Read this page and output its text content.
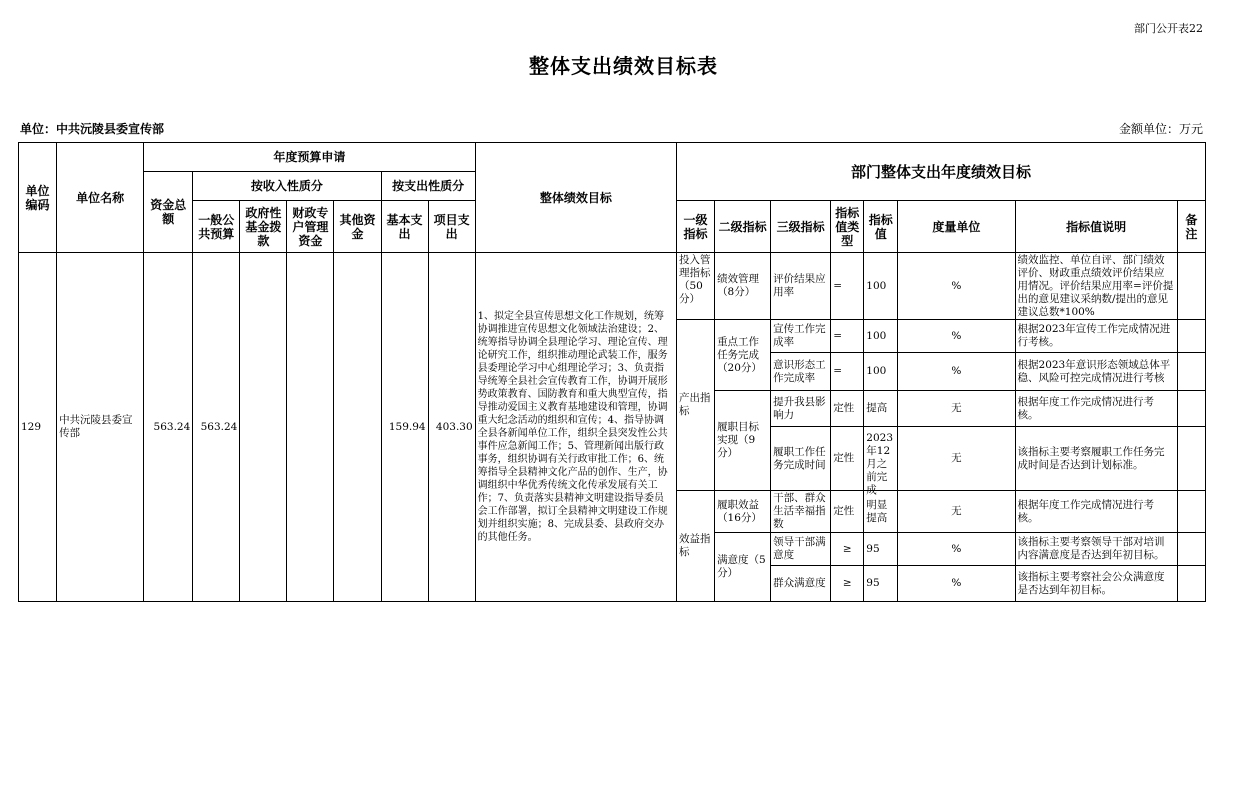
部门公开表22
整体支出绩效目标表
单位：中共沅陵县委宣传部	金额单位：万元
单位编码	单位名称	年度预算申请							整体绩效目标	部门整体支出年度绩效目标							
		资金总额	按收入性质分				按支出性质分										
			一般公共预算	政府性基金拨款	财政专户管理资金	其他资金	基本支出	项目支出		一级指标	二级指标	三级指标	指标值类型	指标值	度量单位	指标值说明	备注
129	中共沅陵县委宣传部	563.24	563.24				159.94	403.30	1、拟定全县宣传思想文化工作规划，统筹协调推进宣传思想文化领域法治建设；2、统筹指导协调全县理论学习、理论宣传、理论研究工作，组织推动理论武装工作，服务县委理论学习中心组理论学习；3、负责指导统筹全县社会宣传教育工作，协调开展形势政策教育、国防教育和重大典型宣传，指导推动爱国主义教育基地建设和管理，协调重大纪念活动的组织和宣传；4、指导协调全县各新闻单位工作，组织全县突发性公共事件应急新闻工作；5、管理新闻出版行政事务，组织协调有关行政审批工作；6、统筹指导全县精神文化产品的创作、生产，协调组织中华优秀传统文化传承发展有关工作；7、负责落实县精神文明建设指导委员会工作部署，拟订全县精神文明建设工作规划并组织实施；8、完成县委、县政府交办的其他任务。	投入管理指标（50分）	绩效管理（8分）	评价结果应用率	=	100	%	绩效监控、单位自评、部门绩效评价、财政重点绩效评价结果应用情况。评价结果应用率=评价提出的意见建议采纳数/提出的意见建议总数*100%	

										产出指标	重点工作任务完成（20分）	宣传工作完成率	=	100	%	根据2023年宣传工作完成情况进行考核。	
												意识形态工作完成率	=	100	%	根据2023年意识形态领域总体平稳、风险可控完成情况进行考核	
											履职目标实现（9分）	提升我县影响力	定性	提高	无	根据年度工作完成情况进行考核。	
												履职工作任务完成时间	定性	2023年12月之前完成	无	该指标主要考察履职工作任务完成时间是否达到计划标准。	
										效益指标	履职效益（16分）	干部、群众生活幸福指数	定性	明显提高	无	根据年度工作完成情况进行考核。	
											满意度（5分）	领导干部满意度	≥	95	%	该指标主要考察领导干部对培训内容满意度是否达到年初目标。	
												群众满意度	≥	95	%	该指标主要考察社会公众满意度是否达到年初目标。	
